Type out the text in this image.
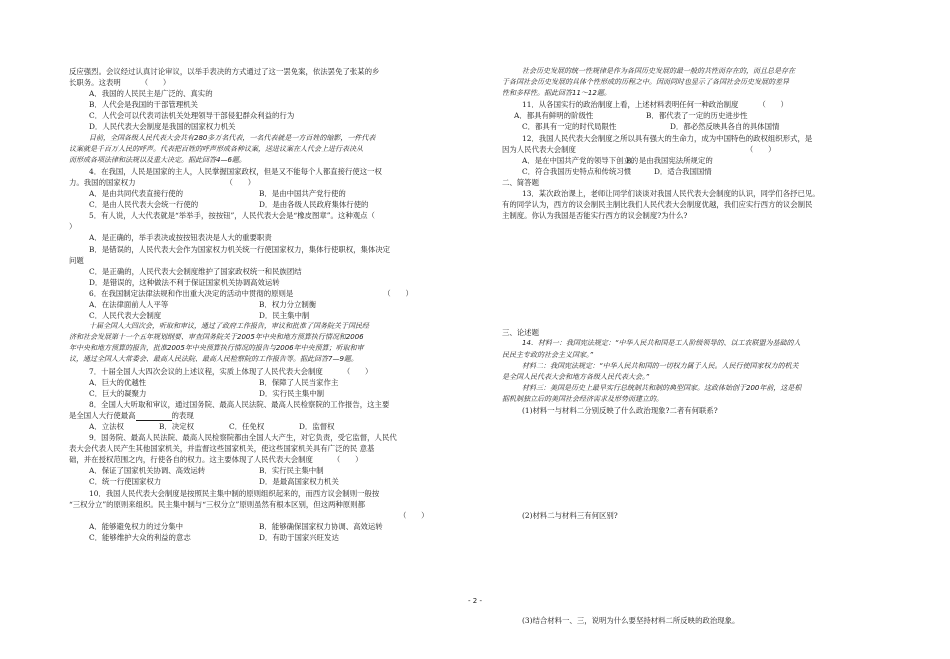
反应强烈。会议经过认真讨论审议，以举手表决的方式通过了这一罢免案，依法罢免了张某的乡

长职务。这表明	（　　）

A．我国的人民民主是广泛的、真实的

B．人代会是我国的干部管理机关

C．人代会可以代表司法机关处理领导干部侵犯群众利益的行为

D．人民代表大会制度是我国的国家权力机关

目前，全国各级人民代表大会共有280多万名代表，一名代表就是一方百姓的缩影，一件代表

议案就是千百万人民的呼声。代表把百姓的呼声形成各种议案，送进议案在人代会上进行表决从

而形成各项法律和法规以及重大决定。据此回答4—6题。

4．在我国，人民是国家的主人，人民掌握国家政权，但是又不能每个人都直接行使这一权

力。我国的国家权力	（　　）

A．是由共同代表直接行使的	B．是由中国共产党行使的

C．是由人民代表大会统一行使的	D．是由各级人民政府集体行使的

5．有人说，人大代表就是“举举手，按按钮”，人民代表大会是“橡皮图章”。这种观点（

）

A．是正确的，举手表决或按按钮表决是人大的重要职责

B．是错误的，人民代表大会作为国家权力机关统一行使国家权力，集体行使职权，集体决定

问题

C．是正确的，人民代表大会制度维护了国家政权统一和民族团结

D．是错误的，这种做法不利于保证国家机关协调高效运转

6．在我国制定法律法规和作出重大决定的活动中贯彻的原则是	（　　）

A．在法律面前人人平等	B．权力分立制衡

C．人民代表大会制度	D．民主集中制

十届全国人大四次会，听取和审议，通过了政府工作报告，审议和批准了国务院关于国民经

济和社会发展第十一个五年规划纲要、审查国务院关于2005年中央和地方预算执行情况和2006

年中央和地方预算的报告，批准2005年中央预算执行情况的报告与2006年中央预算；听取和审

议，通过全国人大常委会、最高人民法院、最高人民检察院的工作报告等。据此回答7—9题。

7．十届全国人大四次会议的上述议程，实质上体现了人民代表大会制度	（　　）

A．巨大的优越性	B．保障了人民当家作主

C．巨大的凝聚力	D．实行民主集中制

8．全国人大听取和审议，通过国务院、最高人民法院、最高人民检察院的工作报告，这主要

是全国人大行使最高	的表现

A．立法权	B．决定权	C．任免权	D．监督权

9．国务院、最高人民法院、最高人民检察院都由全国人大产生，对它负责，受它监督，人民代

表大会代表人民产生其他国家机关，并监督这些国家机关，使这些国家机关具有广泛的民 意基

础，并在授权范围之内，行使各自的权力。这主要体现了人民代表大会制度	（　　）

A．保证了国家机关协调、高效运转	B．实行民主集中制

C．统一行使国家权力	D．是最高国家权力机关

10．我国人民代表大会制度是按照民主集中制的原则组织起来的，而西方议会制则一般按

“三权分立”的原则来组织。民主集中制与“三权分立”原则虽然有根本区别，但这两种原则都

（　　）

A．能够避免权力的过分集中	B．能够确保国家权力协调、高效运转

C．能够维护大众的利益的意志	D．有助于国家兴旺发达

社会历史发展的统一性规律是作为各国历史发展的最一般的共性而存在的，而且总是存在

于各国社会历史发展的具体个性形成的历程之中。因而同时也显示了各国社会历史发展的差异

性和多样性。据此回答11～12题。

11．从各国实行的政治制度上看，上述材料表明任何一种政治制度	（　　）

A．都具有鲜明的阶级性	B．都代表了一定的历史进步性

C．都具有一定的时代局限性	D．都必然反映具各自的具体国情

12．我国人民代表大会制度之所以具有强大的生命力，成为中国特色的政权组织形式，是

因为人民代表大会制度	（　　）

A．是在中国共产党的领导下创立的
B．是由我国宪法所规定的

C．符合我国历史特点和传统习惯	D．适合我国国情

二、简答题

13．某次政治课上，老师让同学们谈谈对我国人民代表大会制度的认识，同学们各抒已见。

有的同学认为，西方的议会制民主制比我们人民代表大会制度优越，我们应实行西方的议会制民

主制度。你认为我国是否能实行西方的议会制度?为什么?

三、论述题

14．材料一：我国宪法规定：“中华人民共和国是工人阶级领导的、以工农联盟为基础的人

民民主专政的社会主义国家。”

材料二：我国宪法规定：“中华人民共和国的一切权力属于人民。人民行使国家权力的机关

是全国人民代表大会和地方各级人民代表大会。”

材料三：美国是历史上最早实行总统制共和制的典型国家。这政体始创于200年前，这是根

据机制独立后的美国社会经济需求及形势而建立的。

(1)材料一与材料二分别反映了什么政治现象?二者有何联系?

(2)材料二与材料三有何区别?

(3)结合材料一、三，说明为什么要坚持材料二所反映的政治现象。

- 2 -
